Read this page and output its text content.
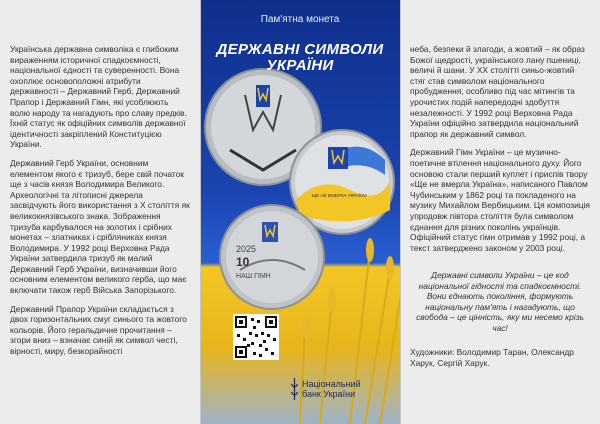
Українська державна символіка є глибоким вираженням історичної спадкоємності, національної єдності та суверенності. Вона охоплює основоположні атрибути державності – Державний Герб, Державний Прапор і Державний Гімн, які усоблюють волю народу та нагадують про славу предків. Їхній статус як офіційних символів державної ідентичності закріплений Конституцією України.

Державний Герб України, основним елементом якого є тризуб, бере свій початок ще з часів князя Володимира Великого. Археологічні та літописні джерела засвідчують його використання з X століття як великокнязівського знака. Зображення тризуба карбувалося на золотих і срібних монетах – златниках і срібляниках князя Володимира. У 1992 році Верховна Рада України затвердила тризуб як малий Державний Герб України, визначивши його основним елементом великого герба, що має включати також герб Війська Запорізького.

Державний Прапор України складається з двох горизонтальних смуг синього та жовтого кольорів. Його геральдичне прочитання – згори вниз – взначає синій як символ честі, вірності, миру, безкорайності

2025
10
НАШ ГІМН
ЩЕ НЕ ВМЕРЛА УКРАЇНИ
Пам'ятна монета
ДЕРЖАВНІ СИМВОЛИ
УКРАЇНИ
Національний
банк України

неба, безпеки й злагоди, а жовтий – як образ Божої щедрості, українського лану пшениці, величі й шани. У XX столітті синьо-жовтий стяг став символом національного пробудження, особливо під час мітингів та урочистих подій напередодні здобуття незалежності. У 1992 році Верховна Рада України офіційно затвердила національний прапор як державний символ.

Державний Гімн України – це музично-поетичне втілення національного духу. Його основою стали перший куплет і приспів твору «Ще не вмерла Україна», написаного Павлом Чубинським у 1862 році та покладеного на музику Михайлом Вербицьким. Ця композиція упродовж півтора століття була символом єднання для різних поколінь українців. Офіційний статус гімн отримав у 1992 році, а текст затверджено законом у 2003 році.

Державні символи України – це код національної гідності та спадкоємності. Вони єднають покоління, формують національну пам'ять і нагадують, що свобода – це цінність, яку ми несемо крізь час!
Художники: Володимир Таран, Олександр Харук, Сергій Харук.
